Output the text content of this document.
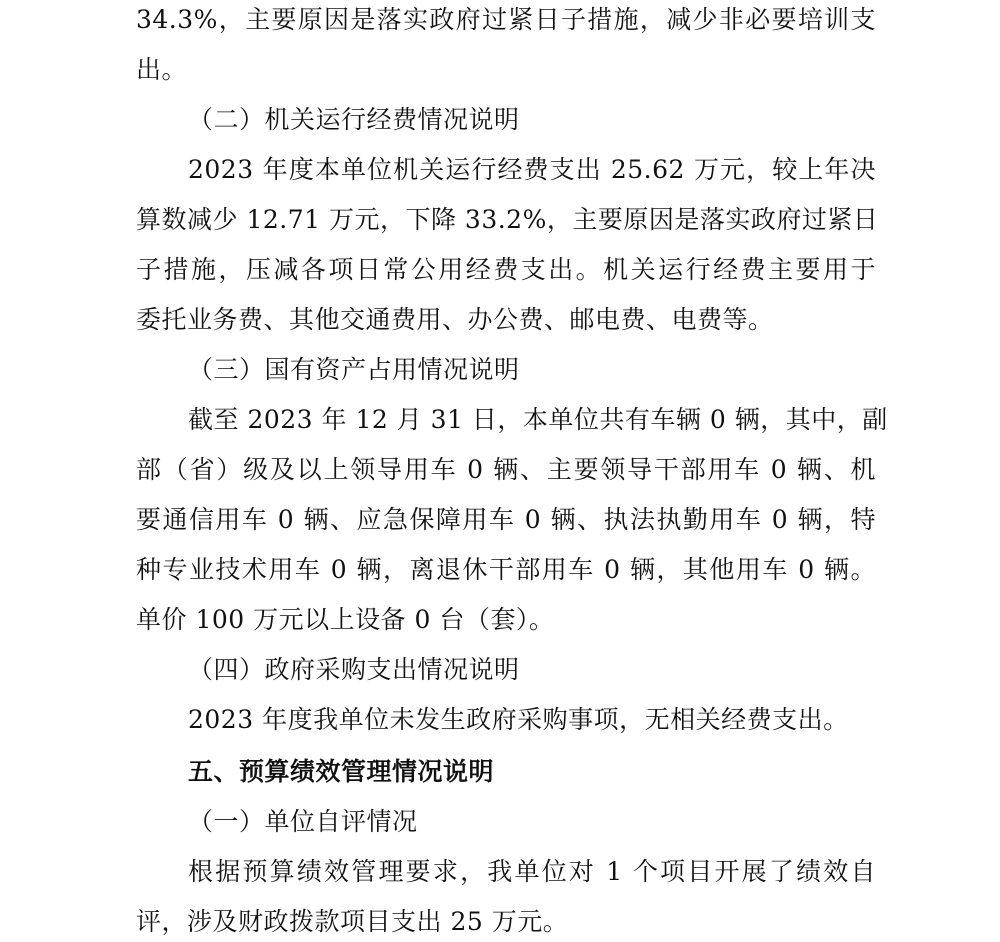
34.3%，主要原因是落实政府过紧日子措施，减少非必要培训支
出。
（二）机关运行经费情况说明
2023 年度本单位机关运行经费支出 25.62 万元，较上年决
算数减少 12.71 万元，下降 33.2%，主要原因是落实政府过紧日
子措施，压减各项日常公用经费支出。机关运行经费主要用于
委托业务费、其他交通费用、办公费、邮电费、电费等。
（三）国有资产占用情况说明
截至 2023 年 12 月 31 日，本单位共有车辆 0 辆，其中，副
部（省）级及以上领导用车 0 辆、主要领导干部用车 0 辆、机
要通信用车 0 辆、应急保障用车 0 辆、执法执勤用车 0 辆，特
种专业技术用车 0 辆，离退休干部用车 0 辆，其他用车 0 辆。
单价 100 万元以上设备 0 台（套）。
（四）政府采购支出情况说明
2023 年度我单位未发生政府采购事项，无相关经费支出。
五、预算绩效管理情况说明
（一）单位自评情况
根据预算绩效管理要求，我单位对 1 个项目开展了绩效自
评，涉及财政拨款项目支出 25 万元。
